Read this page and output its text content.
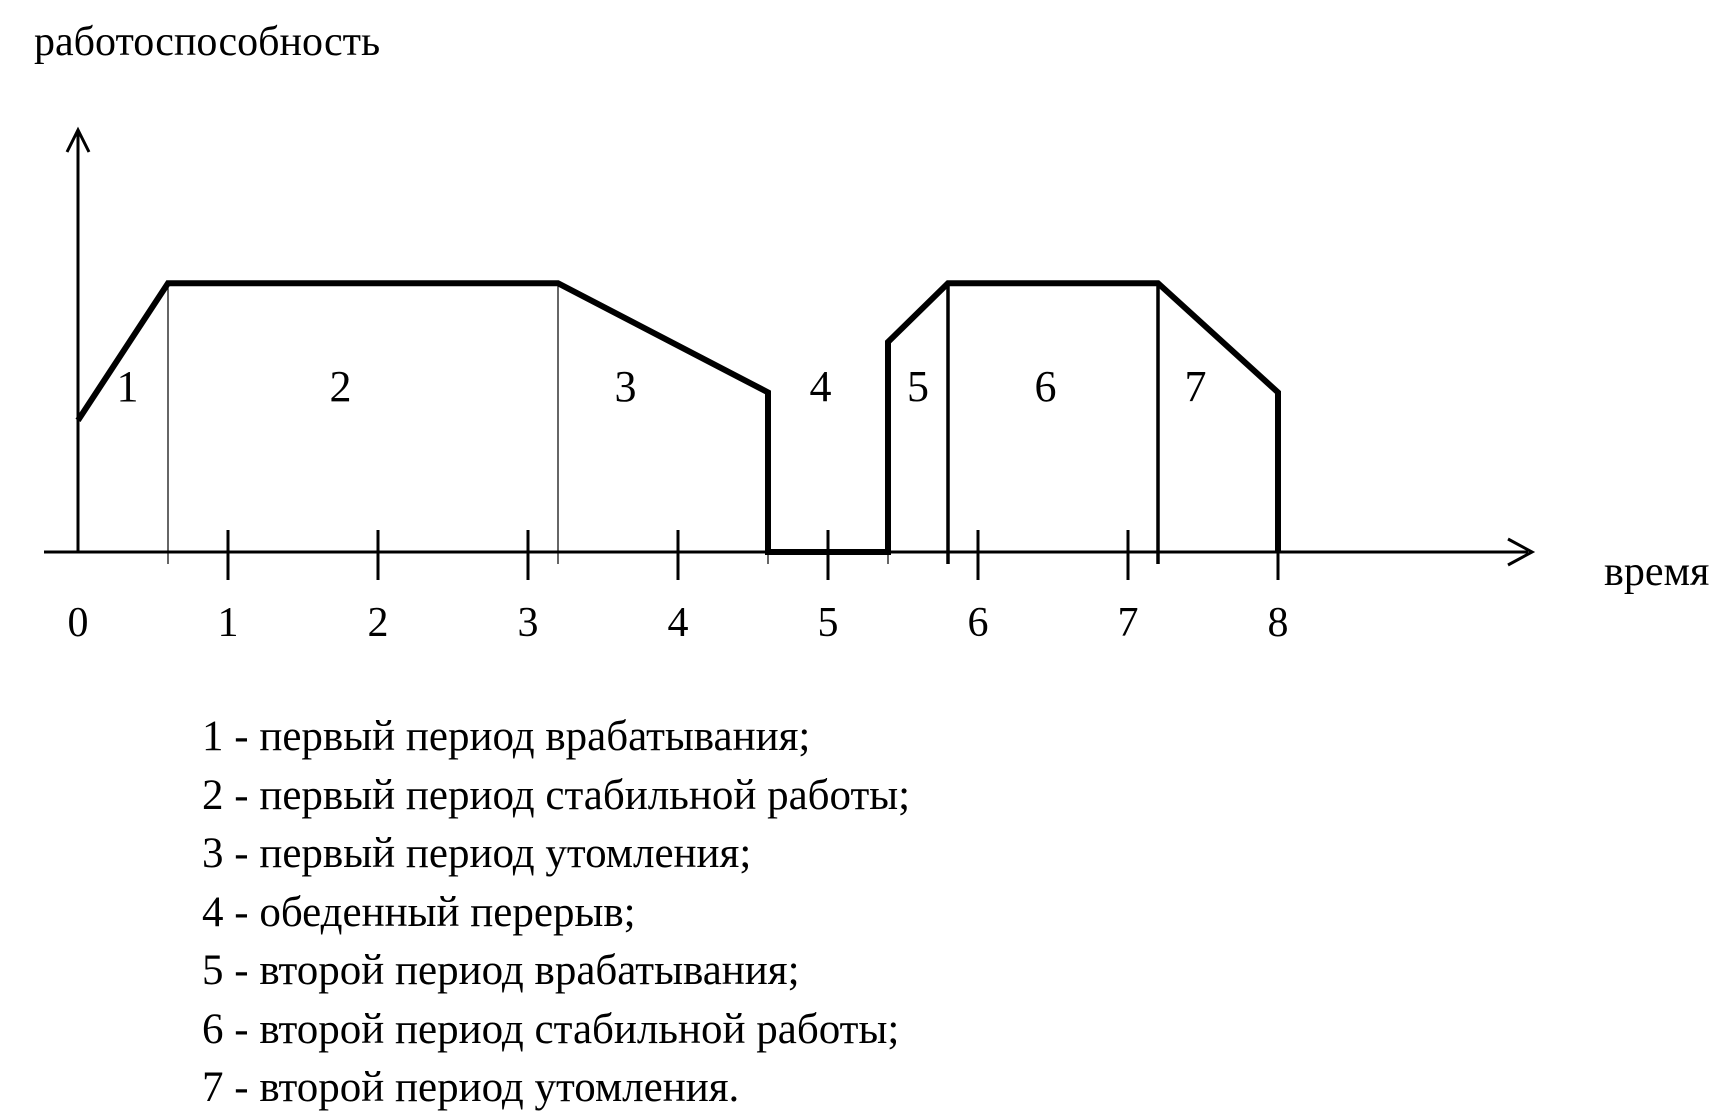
0	1	2	3	4	5	6	7	8
1	2	3	4 5 6	7
работоспособность
время
1 - первый период врабатывания;
2 - первый период стабильной работы;
3 - первый период утомления;
4 - обеденный перерыв;
5 - второй период врабатывания;
6 - второй период стабильной работы;
7 - второй период утомления.
